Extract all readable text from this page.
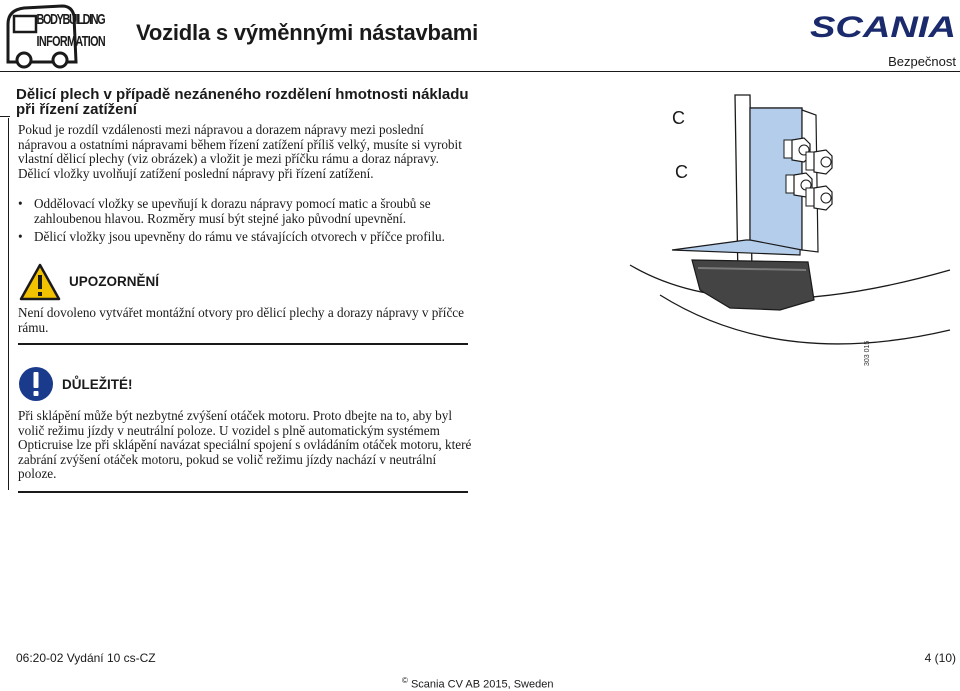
BODYBUILDING
INFORMATION Vozidla s výměnnými nástavbami	SCANIA
Bezpečnost
Dělicí plech v případě nezáneného rozdělení hmotnosti nákladu při řízení zatížení
Pokud je rozdíl vzdálenosti mezi nápravou a dorazem nápravy mezi poslední nápravou a ostatními nápravami během řízení zatížení příliš velký, musíte si vyrobit vlastní dělicí plechy (viz obrázek) a vložit je mezi příčku rámu a doraz nápravy. Dělicí vložky uvolňují zatížení poslední nápravy při řízení zatížení.
• Oddělovací vložky se upevňují k dorazu nápravy pomocí matic a šroubů se zahloubenou hlavou. Rozměry musí být stejné jako původní upevnění.
• Dělicí vložky jsou upevněny do rámu ve stávajících otvorech v příčce profilu.
UPOZORNĚNÍ
Není dovoleno vytvářet montážní otvory pro dělicí plechy a dorazy nápravy v příčce rámu.
DŮLEŽITÉ!
Při sklápění může být nezbytné zvýšení otáček motoru. Proto dbejte na to, aby byl volič režimu jízdy v neutrální poloze. U vozidel s plně automatickým systémem Opticruise lze při sklápění navázat speciální spojení s ovládáním otáček motoru, které zabrání zvýšení otáček motoru, pokud se volič režimu jízdy nachází v neutrální poloze.
C
C
303 015
06:20-02 Vydání 10 cs-CZ	4 (10)
© Scania CV AB 2015, Sweden
